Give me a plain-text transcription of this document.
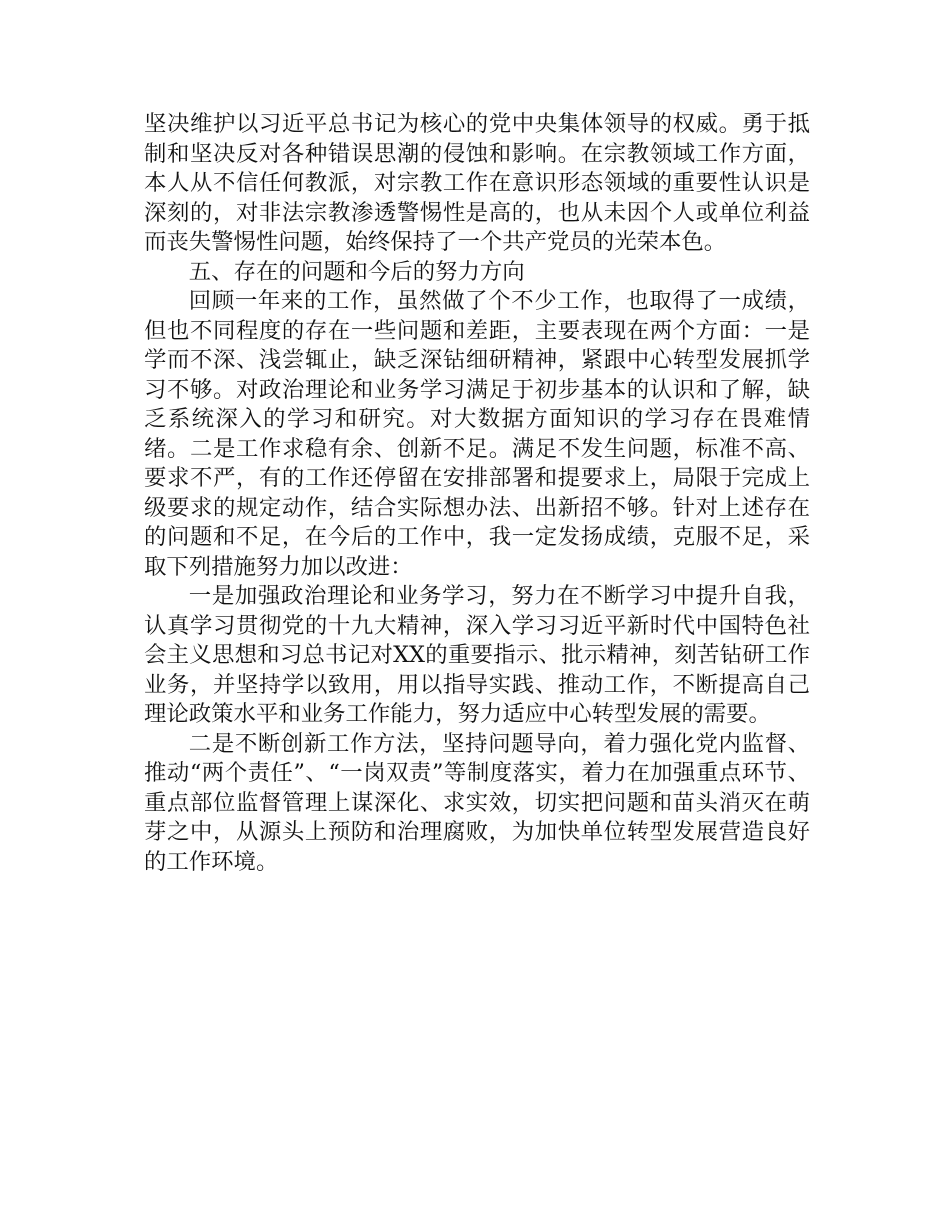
坚决维护以习近平总书记为核心的党中央集体领导的权威。勇于抵制和坚决反对各种错误思潮的侵蚀和影响。在宗教领域工作方面，本人从不信任何教派，对宗教工作在意识形态领域的重要性认识是深刻的，对非法宗教渗透警惕性是高的，也从未因个人或单位利益而丧失警惕性问题，始终保持了一个共产党员的光荣本色。

五、存在的问题和今后的努力方向

回顾一年来的工作，虽然做了个不少工作，也取得了一成绩，但也不同程度的存在一些问题和差距，主要表现在两个方面：一是学而不深、浅尝辄止，缺乏深钻细研精神，紧跟中心转型发展抓学习不够。对政治理论和业务学习满足于初步基本的认识和了解，缺乏系统深入的学习和研究。对大数据方面知识的学习存在畏难情绪。二是工作求稳有余、创新不足。满足不发生问题，标准不高、要求不严，有的工作还停留在安排部署和提要求上，局限于完成上级要求的规定动作，结合实际想办法、出新招不够。针对上述存在的问题和不足，在今后的工作中，我一定发扬成绩，克服不足，采取下列措施努力加以改进：

一是加强政治理论和业务学习，努力在不断学习中提升自我，认真学习贯彻党的十九大精神，深入学习习近平新时代中国特色社会主义思想和习总书记对XX的重要指示、批示精神，刻苦钻研工作业务，并坚持学以致用，用以指导实践、推动工作，不断提高自己理论政策水平和业务工作能力，努力适应中心转型发展的需要。

二是不断创新工作方法，坚持问题导向，着力强化党内监督、推动“两个责任”、“一岗双责”等制度落实，着力在加强重点环节、重点部位监督管理上谋深化、求实效，切实把问题和苗头消灭在萌芽之中，从源头上预防和治理腐败，为加快单位转型发展营造良好的工作环境。
